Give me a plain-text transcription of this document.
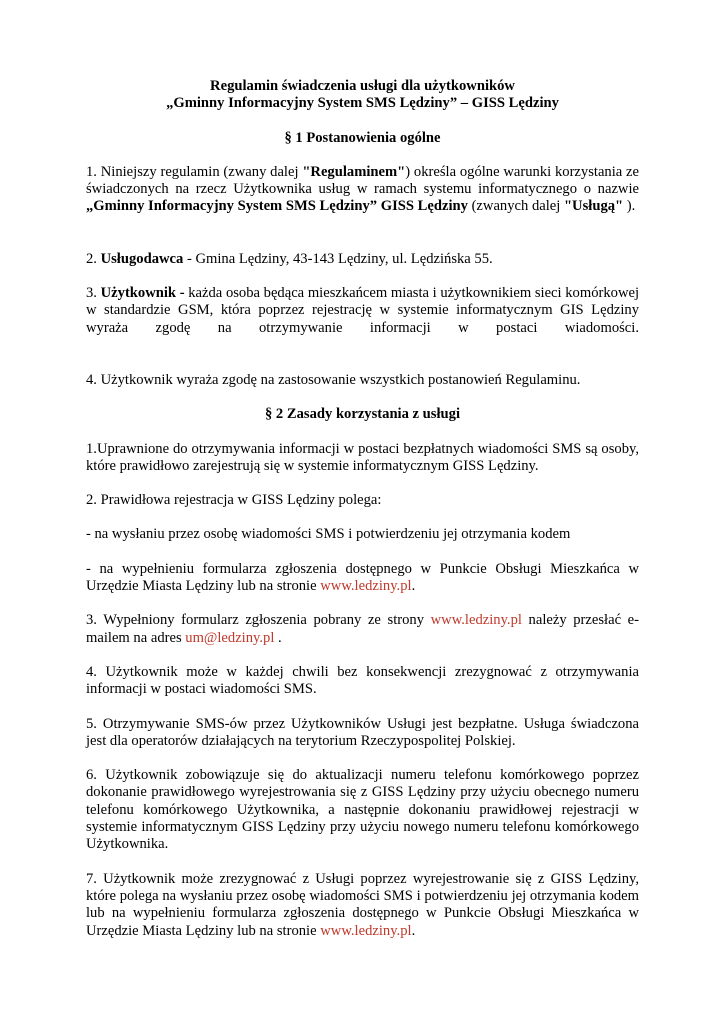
Regulamin świadczenia usługi dla użytkowników

„Gminny Informacyjny System SMS Lędziny” – GISS Lędziny

§ 1 Postanowienia ogólne

1. Niniejszy regulamin (zwany dalej "Regulaminem") określa ogólne warunki korzystania ze świadczonych na rzecz Użytkownika usług w ramach systemu informatycznego o nazwie „Gminny Informacyjny System SMS Lędziny” GISS Lędziny (zwanych dalej "Usługą" ).

2. Usługodawca - Gmina Lędziny, 43-143 Lędziny, ul. Lędzińska 55.

3. Użytkownik - każda osoba będąca mieszkańcem miasta i użytkownikiem sieci komórkowej w standardzie GSM, która poprzez rejestrację w systemie informatycznym GIS Lędziny wyraża zgodę na otrzymywanie informacji w postaci wiadomości.

4. Użytkownik wyraża zgodę na zastosowanie wszystkich postanowień Regulaminu.

§ 2 Zasady korzystania z usługi

1.Uprawnione do otrzymywania informacji w postaci bezpłatnych wiadomości SMS są osoby, które prawidłowo zarejestrują się w systemie informatycznym GISS Lędziny.

2. Prawidłowa rejestracja w GISS Lędziny polega:

- na wysłaniu przez osobę wiadomości SMS i potwierdzeniu jej otrzymania kodem

- na wypełnieniu formularza zgłoszenia dostępnego w Punkcie Obsługi Mieszkańca w Urzędzie Miasta Lędziny lub na stronie www.ledziny.pl.

3. Wypełniony formularz zgłoszenia pobrany ze strony www.ledziny.pl należy przesłać e-mailem na adres um@ledziny.pl .

4. Użytkownik może w każdej chwili bez konsekwencji zrezygnować z otrzymywania informacji w postaci wiadomości SMS.

5. Otrzymywanie SMS-ów przez Użytkowników Usługi jest bezpłatne. Usługa świadczona jest dla operatorów działających na terytorium Rzeczypospolitej Polskiej.

6. Użytkownik zobowiązuje się do aktualizacji numeru telefonu komórkowego poprzez dokonanie prawidłowego wyrejestrowania się z GISS Lędziny przy użyciu obecnego numeru telefonu komórkowego Użytkownika, a następnie dokonaniu prawidłowej rejestracji w systemie informatycznym GISS Lędziny przy użyciu nowego numeru telefonu komórkowego Użytkownika.

7. Użytkownik może zrezygnować z Usługi poprzez wyrejestrowanie się z GISS Lędziny, które polega na wysłaniu przez osobę wiadomości SMS i potwierdzeniu jej otrzymania kodem lub na wypełnieniu formularza zgłoszenia dostępnego w Punkcie Obsługi Mieszkańca w Urzędzie Miasta Lędziny lub na stronie www.ledziny.pl.
